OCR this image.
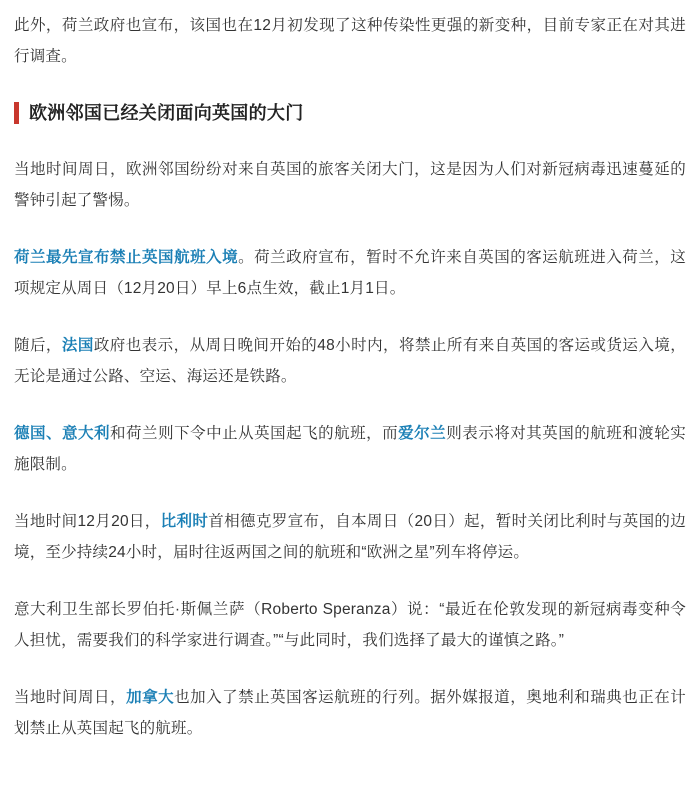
此外，荷兰政府也宣布，该国也在12月初发现了这种传染性更强的新变种，目前专家正在对其进行调查。

欧洲邻国已经关闭面向英国的大门

当地时间周日，欧洲邻国纷纷对来自英国的旅客关闭大门，这是因为人们对新冠病毒迅速蔓延的警钟引起了警惕。

荷兰最先宣布禁止英国航班入境。荷兰政府宣布，暂时不允许来自英国的客运航班进入荷兰，这项规定从周日（12月20日）早上6点生效，截止1月1日。

随后，法国政府也表示，从周日晚间开始的48小时内，将禁止所有来自英国的客运或货运入境，无论是通过公路、空运、海运还是铁路。

德国、意大利和荷兰则下令中止从英国起飞的航班，而爱尔兰则表示将对其英国的航班和渡轮实施限制。

当地时间12月20日，比利时首相德克罗宣布，自本周日（20日）起，暂时关闭比利时与英国的边境，至少持续24小时，届时往返两国之间的航班和“欧洲之星”列车将停运。

意大利卫生部长罗伯托·斯佩兰萨（Roberto Speranza）说：“最近在伦敦发现的新冠病毒变种令人担忧，需要我们的科学家进行调查。”“与此同时，我们选择了最大的谨慎之路。”

当地时间周日，加拿大也加入了禁止英国客运航班的行列。据外媒报道，奥地利和瑞典也正在计划禁止从英国起飞的航班。
